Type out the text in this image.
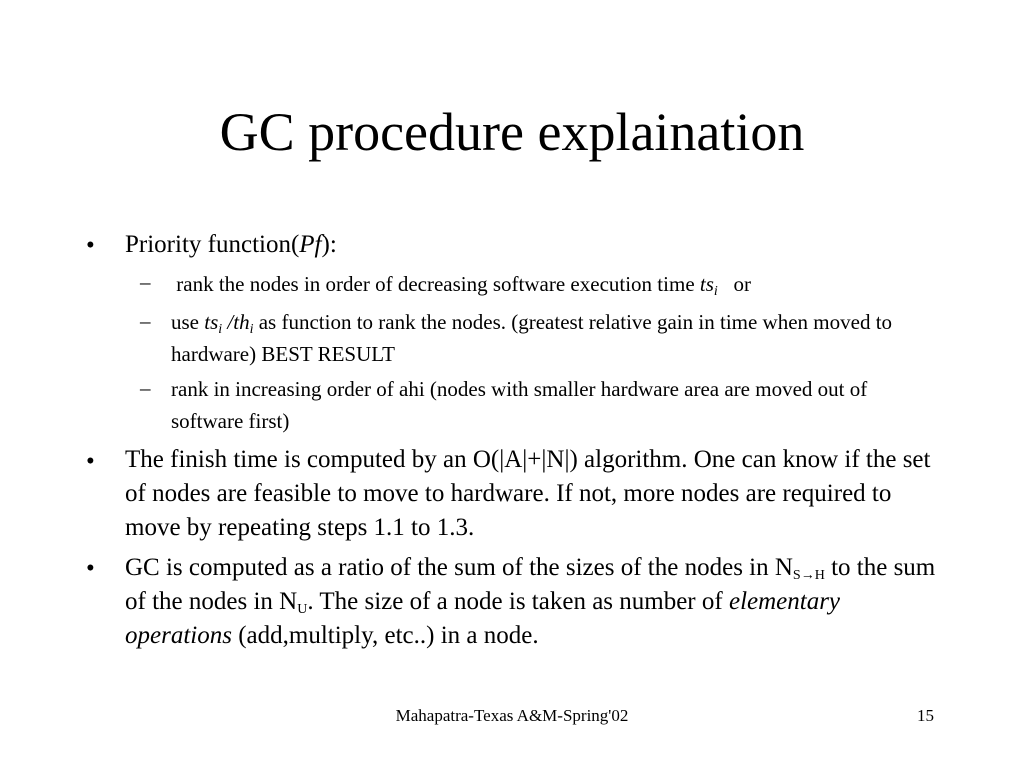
GC procedure explaination
• Priority function(Pf):
– rank the nodes in order of decreasing software execution time $ts_i$   or
– use $ts_i$ $/th_i$ as function to rank the nodes. (greatest relative gain in time when moved to hardware) BEST RESULT
– rank in increasing order of ahi (nodes with smaller hardware area are moved out of software first)
• The finish time is computed by an O(|A|+|N|) algorithm. One can know if the set of nodes are feasible to move to hardware. If not, more nodes are required to move by repeating steps 1.1 to 1.3.
• GC is computed as a ratio of the sum of the sizes of the nodes in $N_{S\to H}$ to the sum of the nodes in $N_U$. The size of a node is taken as number of elementary operations (add,multiply, etc..) in a node.
Mahapatra-Texas A&M-Spring'02	15
